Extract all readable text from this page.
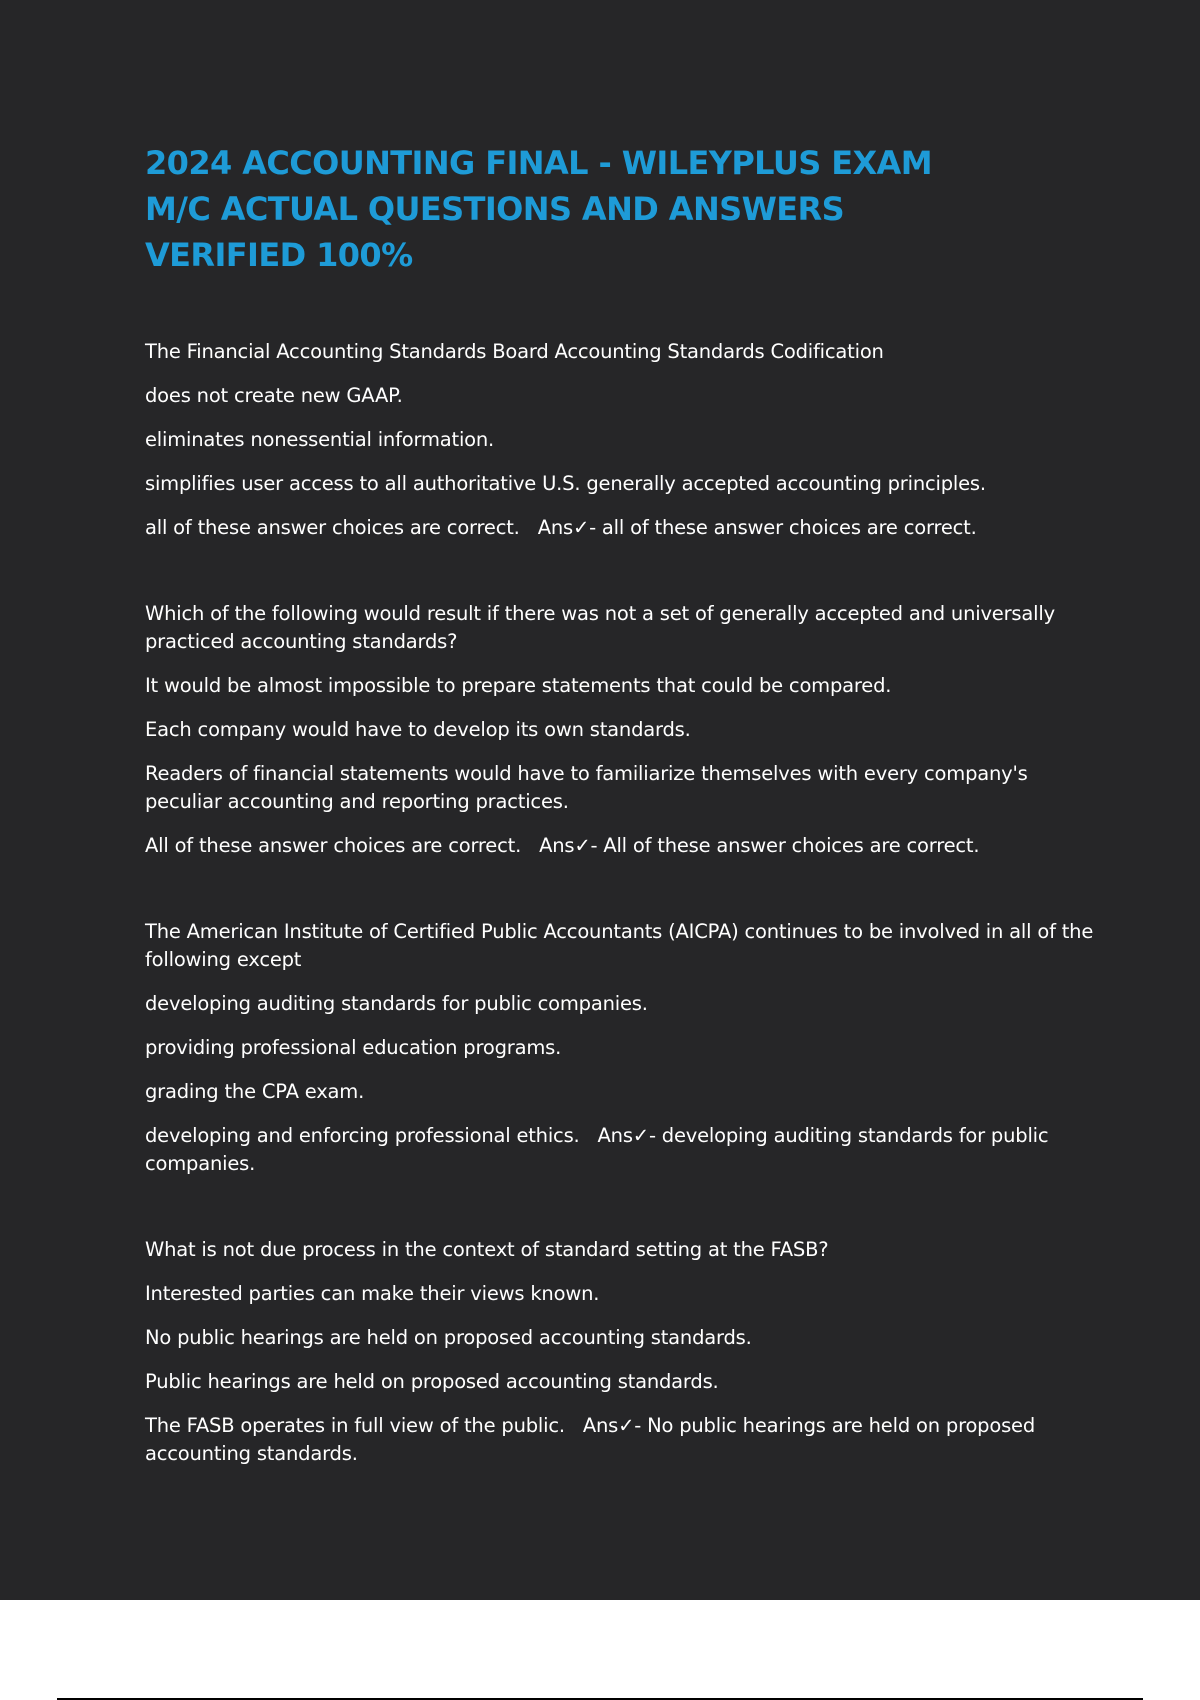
2024 ACCOUNTING FINAL - WILEYPLUS EXAM M/C ACTUAL QUESTIONS AND ANSWERS VERIFIED 100%

The Financial Accounting Standards Board Accounting Standards Codification

does not create new GAAP.

eliminates nonessential information.

simplifies user access to all authoritative U.S. generally accepted accounting principles.

all of these answer choices are correct. Ans✓- all of these answer choices are correct.

Which of the following would result if there was not a set of generally accepted and universally practiced accounting standards?

It would be almost impossible to prepare statements that could be compared.

Each company would have to develop its own standards.

Readers of financial statements would have to familiarize themselves with every company's peculiar accounting and reporting practices.

All of these answer choices are correct. Ans✓- All of these answer choices are correct.

The American Institute of Certified Public Accountants (AICPA) continues to be involved in all of the following except

developing auditing standards for public companies.

providing professional education programs.

grading the CPA exam.

developing and enforcing professional ethics. Ans✓- developing auditing standards for public companies.

What is not due process in the context of standard setting at the FASB?

Interested parties can make their views known.

No public hearings are held on proposed accounting standards.

Public hearings are held on proposed accounting standards.

The FASB operates in full view of the public. Ans✓- No public hearings are held on proposed accounting standards.
